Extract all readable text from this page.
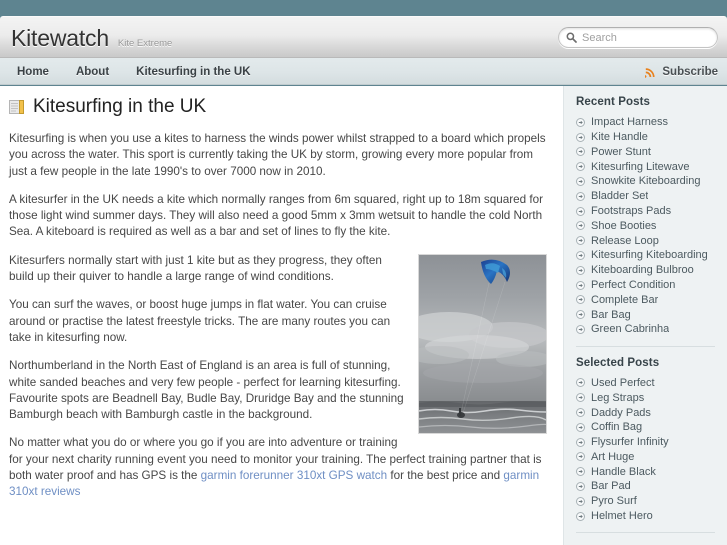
Kitewatch Kite Extreme
Search
Home	About	Kitesurfing in the UK	Subscribe
Kitesurfing in the UK

Kitesurfing is when you use a kites to harness the winds power whilst strapped to a board which propels you across the water. This sport is currently taking the UK by storm, growing every more popular from just a few people in the late 1990's to over 7000 now in 2010.

A kitesurfer in the UK needs a kite which normally ranges from 6m squared, right up to 18m squared for those light wind summer days. They will also need a good 5mm x 3mm wetsuit to handle the cold North Sea. A kiteboard is required as well as a bar and set of lines to fly the kite.

Kitesurfers normally start with just 1 kite but as they progress, they often build up their quiver to handle a large range of wind conditions.

You can surf the waves, or boost huge jumps in flat water. You can cruise around or practise the latest freestyle tricks. The are many routes you can take in kitesurfing now.

Northumberland in the North East of England is an area is full of stunning, white sanded beaches and very few people - perfect for learning kitesurfing. Favourite spots are Beadnell Bay, Budle Bay, Druridge Bay and the stunning Bamburgh beach with Bamburgh castle in the background.

No matter what you do or where you go if you are into adventure or training for your next charity running event you need to monitor your training. The perfect training partner that is both water proof and has GPS is the garmin forerunner 310xt GPS watch for the best price and garmin 310xt reviews

Recent Posts
Impact Harness
Kite Handle
Power Stunt
Kitesurfing Litewave
Snowkite Kiteboarding
Bladder Set
Footstraps Pads
Shoe Booties
Release Loop
Kitesurfing Kiteboarding
Kiteboarding Bulbroo
Perfect Condition
Complete Bar
Bar Bag
Green Cabrinha
Selected Posts
Used Perfect
Leg Straps
Daddy Pads
Coffin Bag
Flysurfer Infinity
Art Huge
Handle Black
Bar Pad
Pyro Surf
Helmet Hero
